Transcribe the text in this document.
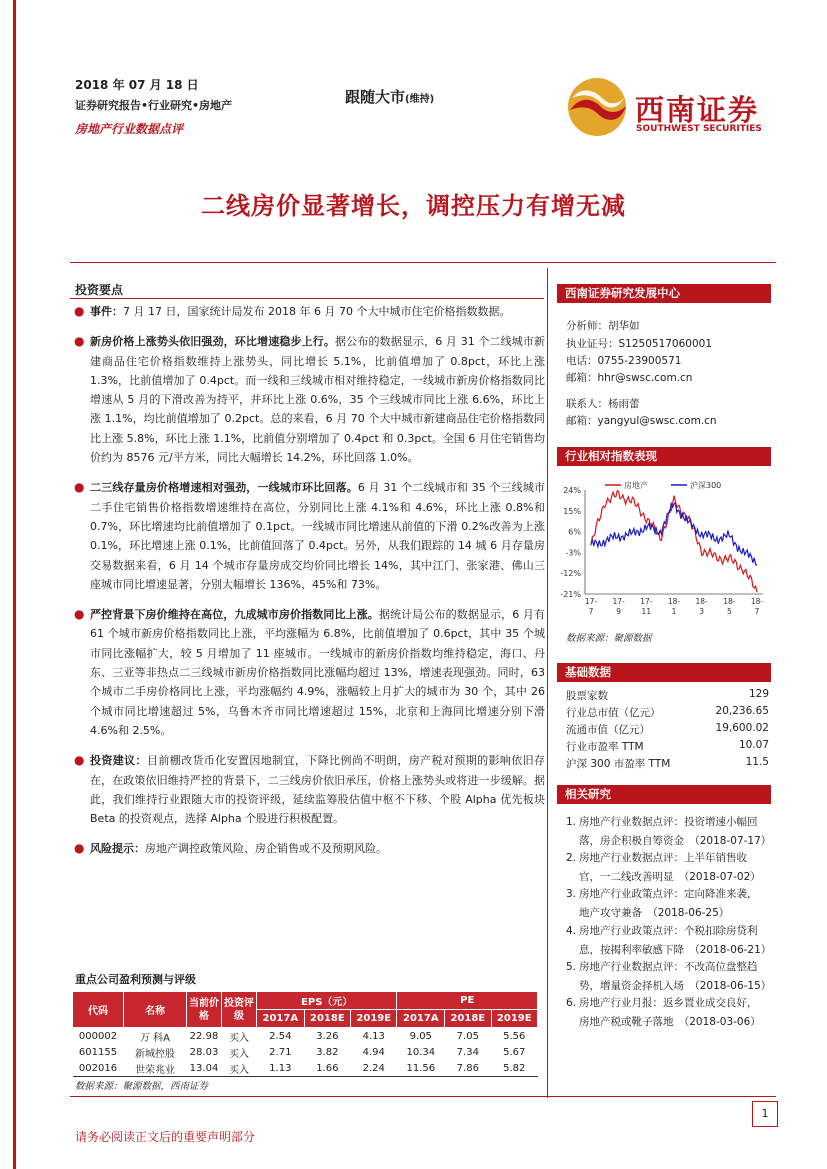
2018 年 07 月 18 日
证券研究报告•行业研究•房地产
房地产行业数据点评
跟随大市(维持)	西南证券
SOUTHWEST SECURITIES
二线房价显著增长，调控压力有增无减
投资要点
● 事件：7 月 17 日，国家统计局发布 2018 年 6 月 70 个大中城市住宅价格指数数据。
● 新房价格上涨势头依旧强劲，环比增速稳步上行。据公布的数据显示，6 月 31 个二线城市新建商品住宅价格指数维持上涨势头，同比增长 5.1%，比前值增加了 0.8pct，环比上涨 1.3%，比前值增加了 0.4pct。而一线和三线城市相对维持稳定，一线城市新房价格指数同比增速从 5 月的下滑改善为持平，并环比上涨 0.6%，35 个三线城市同比上涨 6.6%，环比上涨 1.1%，均比前值增加了 0.2pct。总的来看，6 月 70 个大中城市新建商品住宅价格指数同比上涨 5.8%，环比上涨 1.1%，比前值分别增加了 0.4pct 和 0.3pct。全国 6 月住宅销售均价约为 8576 元/平方米，同比大幅增长 14.2%，环比回落 1.0%。
● 二三线存量房价格增速相对强劲，一线城市环比回落。6 月 31 个二线城市和 35 个三线城市二手住宅销售价格指数增速维持在高位，分别同比上涨 4.1%和 4.6%，环比上涨 0.8%和 0.7%，环比增速均比前值增加了 0.1pct。一线城市同比增速从前值的下滑 0.2%改善为上涨 0.1%，环比增速上涨 0.1%，比前值回落了 0.4pct。另外，从我们跟踪的 14 城 6 月存量房交易数据来看，6 月 14 个城市存量房成交均价同比增长 14%，其中江门、张家港、佛山三座城市同比增速显著，分别大幅增长 136%、45%和 73%。
● 严控背景下房价维持在高位，九成城市房价指数同比上涨。据统计局公布的数据显示，6 月有 61 个城市新房价格指数同比上涨，平均涨幅为 6.8%，比前值增加了 0.6pct，其中 35 个城市同比涨幅扩大，较 5 月增加了 11 座城市。一线城市的新房价指数均维持稳定，海口、丹东、三亚等非热点二三线城市新房价格指数同比涨幅均超过 13%，增速表现强劲。同时，63 个城市二手房价格同比上涨，平均涨幅约 4.9%，涨幅较上月扩大的城市为 30 个，其中 26 个城市同比增速超过 5%，乌鲁木齐市同比增速超过 15%，北京和上海同比增速分别下滑 4.6%和 2.5%。
● 投资建议：目前棚改货币化安置因地制宜，下降比例尚不明朗，房产税对预期的影响依旧存在，在政策依旧维持严控的背景下，二三线房价依旧承压，价格上涨势头或将进一步缓解。据此，我们维持行业跟随大市的投资评级，延续监筹股估值中枢不下移、个股 Alpha 优先板块 Beta 的投资观点，选择 Alpha 个股进行积极配置。
● 风险提示：房地产调控政策风险、房企销售或不及预期风险。
西南证券研究发展中心
分析师：胡华如
执业证号：S1250517060001
电话：0755-23900571
邮箱：hhr@swsc.com.cn
联系人：杨雨蕾
邮箱：yangyul@swsc.com.cn
行业相对指数表现
24%
15%
6%
-3%
-12%
-21%
17-7
17-9
17-11
18-1
18-3
18-5
18-7
房地产	沪深300
数据来源：聚源数据
基础数据
股票家数	129
行业总市值（亿元）	20,236.65
流通市值（亿元）	19,600.02
行业市盈率 TTM	10.07
沪深 300 市盈率 TTM	11.5
相关研究
1. 房地产行业数据点评：投资增速小幅回
落，房企积极自筹资金　（2018-07-17）
2. 房地产行业数据点评：上半年销售收
官，一二线改善明显　（2018-07-02）
3. 房地产行业政策点评：定向降准来袭，
地产攻守兼备　（2018-06-25）
4. 房地产行业政策点评：个税扣除房贷利
息，按揭利率敏感下降　（2018-06-21）
5. 房地产行业数据点评：不改高位盘整趋
势，增量资金择机入场　（2018-06-15）
6. 房地产行业月报：返乡置业成交良好，
房地产税或靴子落地　（2018-03-06）
重点公司盈利预测与评级
代码	名称	当前价格	投资评级	EPS（元）			PE		
				2017A	2018E	2019E	2017A	2018E	2019E
000002	万 科A	22.98	买入	2.54	3.26	4.13	9.05	7.05	5.56
601155	新城控股	28.03	买入	2.71	3.82	4.94	10.34	7.34	5.67
002016	世荣兆业	13.04	买入	1.13	1.66	2.24	11.56	7.86	5.82
数据来源：聚源数据，西南证券
请务必阅读正文后的重要声明部分
1
